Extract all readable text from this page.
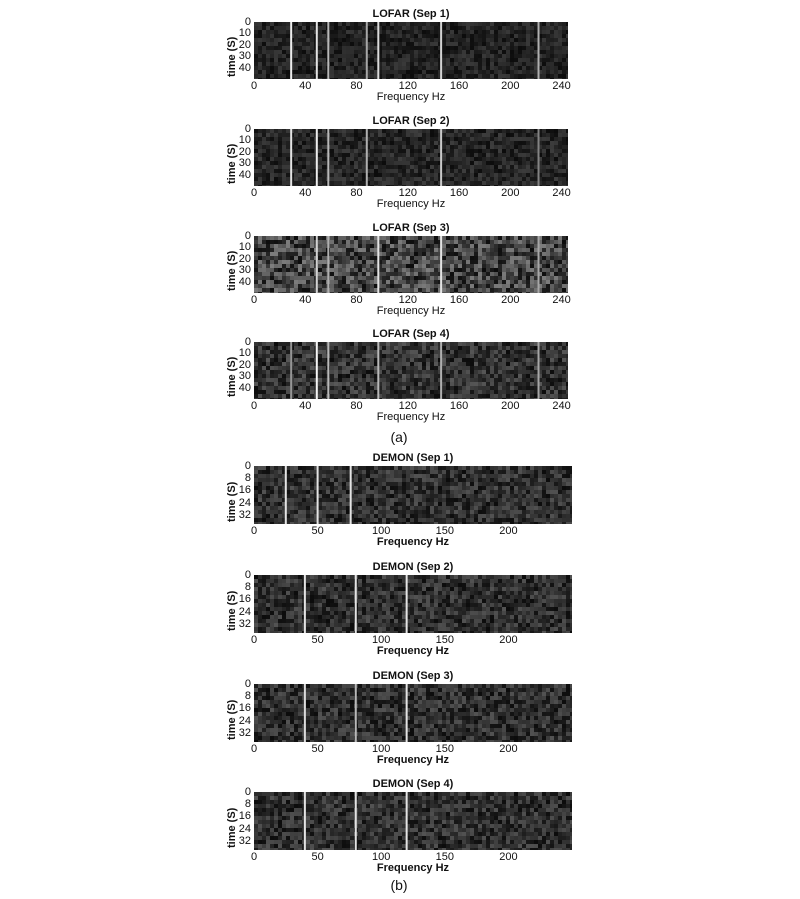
LOFAR (Sep 1)
time (S)
0
10
20
30
40
0	40	80	120	160	200	240
Frequency Hz
LOFAR (Sep 2)
time (S)
0
10
20
30
40
0	40	80	120	160	200	240
Frequency Hz
LOFAR (Sep 3)
time (S)
0
10
20
30
40
0	40	80	120	160	200	240
Frequency Hz
LOFAR (Sep 4)
time (S)
0
10
20
30
40
0	40	80	120	160	200	240
Frequency Hz
DEMON (Sep 1)
time (S)
0
8
16
24
32
0	50	100	150	200
Frequency Hz
DEMON (Sep 2)
time (S)
0
8
16
24
32
0	50	100	150	200
Frequency Hz
DEMON (Sep 3)
time (S)
0
8
16
24
32
0	50	100	150	200
Frequency Hz
DEMON (Sep 4)
time (S)
0
8
16
24
32
0	50	100	150	200
Frequency Hz
(a)
(b)
